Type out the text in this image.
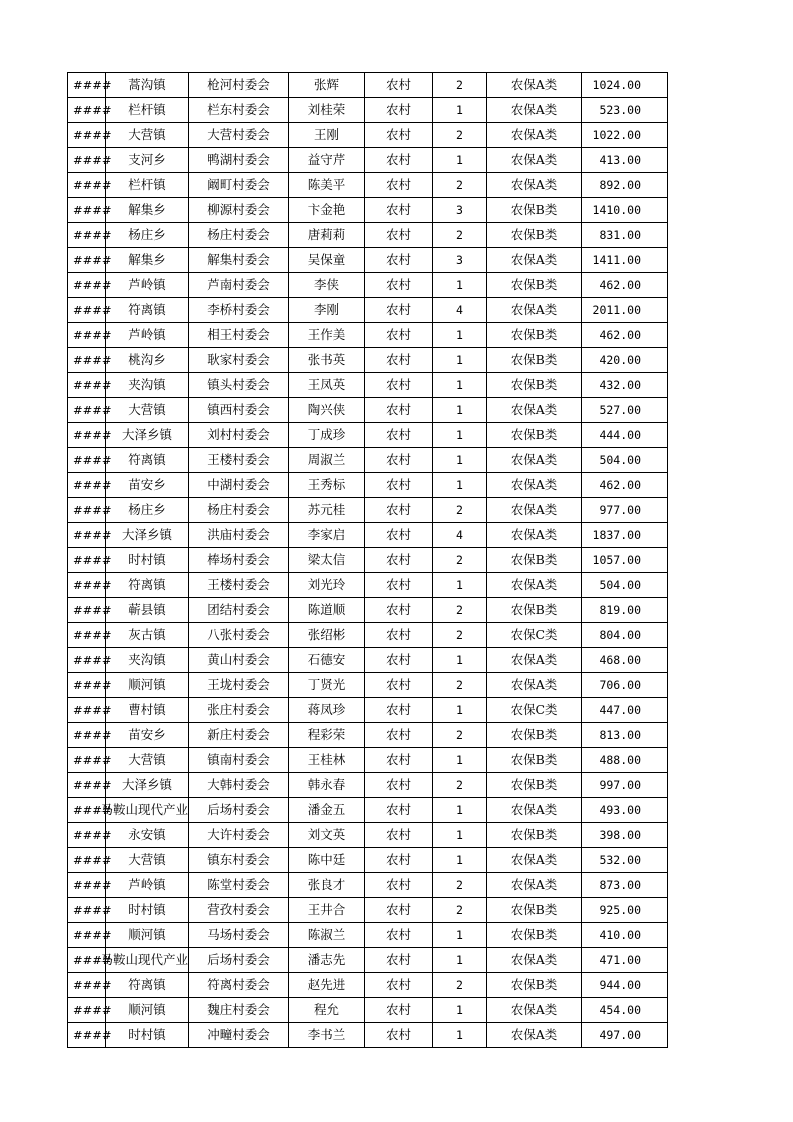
####	蒿沟镇	枪河村委会	张辉	农村	2	农保A类	1024.00
####	栏杆镇	栏东村委会	刘桂荣	农村	1	农保A类	523.00
####	大营镇	大营村委会	王刚	农村	2	农保A类	1022.00
####	支河乡	鸭湖村委会	益守芹	农村	1	农保A类	413.00
####	栏杆镇	阚町村委会	陈美平	农村	2	农保A类	892.00
####	解集乡	柳源村委会	卞金艳	农村	3	农保B类	1410.00
####	杨庄乡	杨庄村委会	唐莉莉	农村	2	农保B类	831.00
####	解集乡	解集村委会	吴保童	农村	3	农保A类	1411.00
####	芦岭镇	芦南村委会	李侠	农村	1	农保B类	462.00
####	符离镇	李桥村委会	李刚	农村	4	农保A类	2011.00
####	芦岭镇	相王村委会	王作美	农村	1	农保B类	462.00
####	桃沟乡	耿家村委会	张书英	农村	1	农保B类	420.00
####	夹沟镇	镇头村委会	王凤英	农村	1	农保B类	432.00
####	大营镇	镇西村委会	陶兴侠	农村	1	农保A类	527.00
####	大泽乡镇	刘村村委会	丁成珍	农村	1	农保B类	444.00
####	符离镇	王楼村委会	周淑兰	农村	1	农保A类	504.00
####	苗安乡	中湖村委会	王秀标	农村	1	农保A类	462.00
####	杨庄乡	杨庄村委会	苏元桂	农村	2	农保A类	977.00
####	大泽乡镇	洪庙村委会	李家启	农村	4	农保A类	1837.00
####	时村镇	棒场村委会	梁太信	农村	2	农保B类	1057.00
####	符离镇	王楼村委会	刘光玲	农村	1	农保A类	504.00
####	蕲县镇	团结村委会	陈道顺	农村	2	农保B类	819.00
####	灰古镇	八张村委会	张绍彬	农村	2	农保C类	804.00
####	夹沟镇	黄山村委会	石德安	农村	1	农保A类	468.00
####	顺河镇	王垅村委会	丁贤光	农村	2	农保A类	706.00
####	曹村镇	张庄村委会	蒋凤珍	农村	1	农保C类	447.00
####	苗安乡	新庄村委会	程彩荣	农村	2	农保B类	813.00
####	大营镇	镇南村委会	王桂林	农村	1	农保B类	488.00
####	大泽乡镇	大韩村委会	韩永春	农村	2	农保B类	997.00
####	马鞍山现代产业	后场村委会	潘金五	农村	1	农保A类	493.00
####	永安镇	大许村委会	刘文英	农村	1	农保B类	398.00
####	大营镇	镇东村委会	陈中廷	农村	1	农保A类	532.00
####	芦岭镇	陈堂村委会	张良才	农村	2	农保A类	873.00
####	时村镇	营孜村委会	王井合	农村	2	农保B类	925.00
####	顺河镇	马场村委会	陈淑兰	农村	1	农保B类	410.00
####	马鞍山现代产业	后场村委会	潘志先	农村	1	农保A类	471.00
####	符离镇	符离村委会	赵先进	农村	2	农保B类	944.00
####	顺河镇	魏庄村委会	程允	农村	1	农保A类	454.00
####	时村镇	冲疃村委会	李书兰	农村	1	农保A类	497.00
